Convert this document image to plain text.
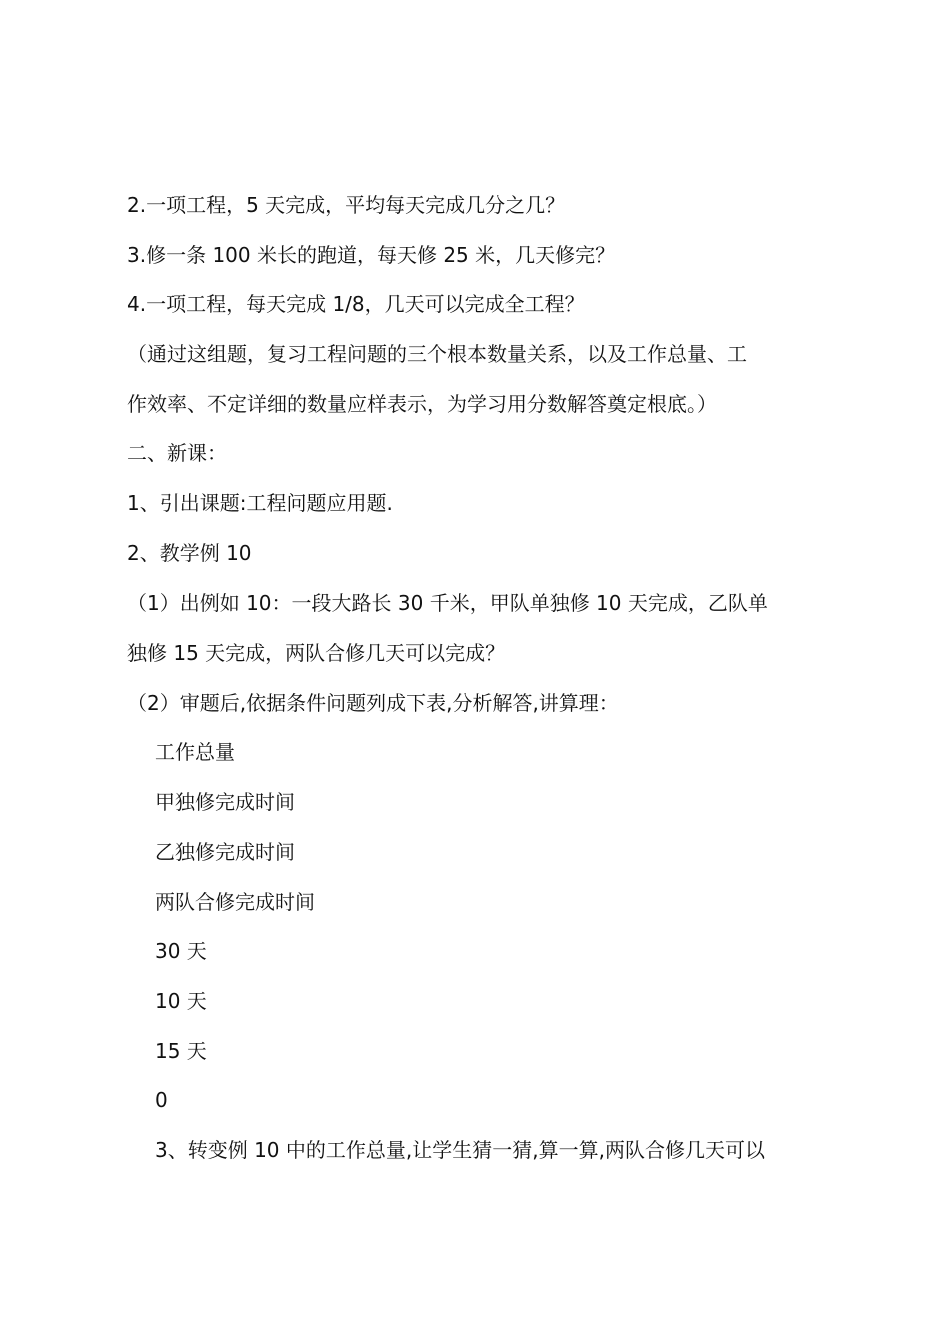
2.一项工程，5 天完成，平均每天完成几分之几？
3.修一条 100 米长的跑道，每天修 25 米，几天修完？
4.一项工程，每天完成 1/8，几天可以完成全工程？
（通过这组题，复习工程问题的三个根本数量关系，以及工作总量、工
作效率、不定详细的数量应样表示，为学习用分数解答奠定根底。）
二、新课：
1、引出课题:工程问题应用题.
2、教学例 10
（1）出例如 10：一段大路长 30 千米，甲队单独修 10 天完成，乙队单
独修 15 天完成，两队合修几天可以完成？
（2）审题后,依据条件问题列成下表,分析解答,讲算理：
工作总量
甲独修完成时间
乙独修完成时间
两队合修完成时间
30 天
10 天
15 天
0
3、转变例 10 中的工作总量,让学生猜一猜,算一算,两队合修几天可以
